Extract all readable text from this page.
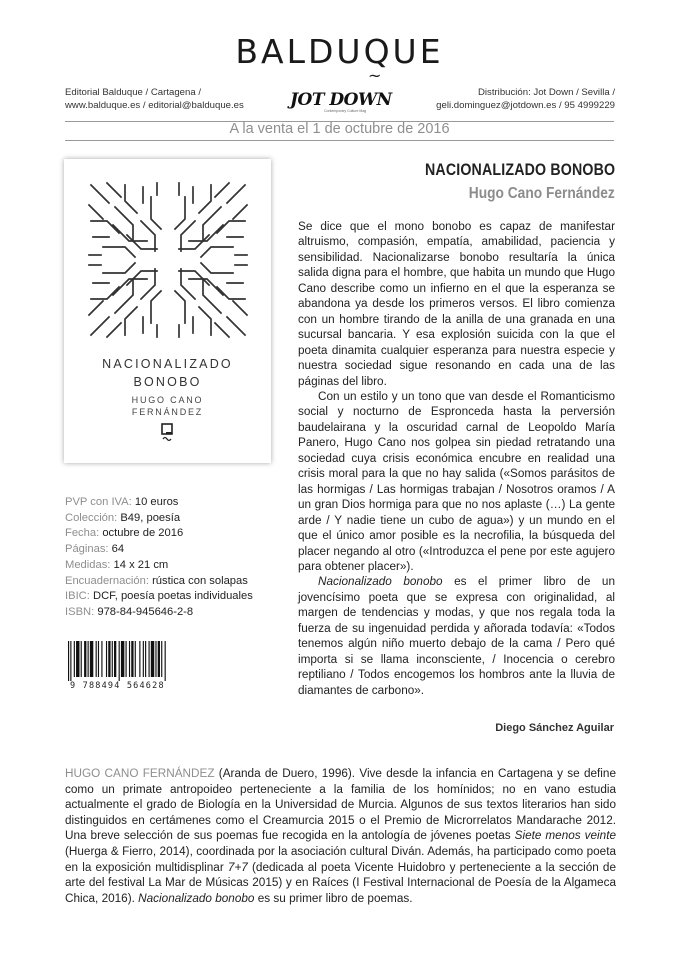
BALDUQUE
~
Editorial Balduque / Cartagena /
www.balduque.es / editorial@balduque.es	JOT DOWN
Contemporary Culture Mag
Distribución: Jot Down / Sevilla /
geli.dominguez@jotdown.es / 95 4999229
A la venta el 1 de octubre de 2016
NACIONALIZADO
BONOBO
HUGO CANO
FERNÁNDEZ
NACIONALIZADO BONOBO
Hugo Cano Fernández

Se dice que el mono bonobo es capaz de manifestar altruismo, compasión, empatía, amabilidad, paciencia y sensibilidad. Nacionalizarse bonobo resultaría la única salida digna para el hombre, que habita un mundo que Hugo Cano describe como un infierno en el que la esperanza se abandona ya desde los primeros versos. El libro comienza con un hombre tirando de la anilla de una granada en una sucursal bancaria. Y esa explosión suicida con la que el poeta dinamita cualquier esperanza para nuestra especie y nuestra sociedad sigue resonando en cada una de las páginas del libro.

Con un estilo y un tono que van desde el Romanticismo social y nocturno de Espronceda hasta la perversión baudelairana y la oscuridad carnal de Leopoldo María Panero, Hugo Cano nos golpea sin piedad retratando una sociedad cuya crisis económica encubre en realidad una crisis moral para la que no hay salida («Somos parásitos de las hormigas / Las hormigas trabajan / Nosotros oramos / A un gran Dios hormiga para que no nos aplaste (…) La gente arde / Y nadie tiene un cubo de agua») y un mundo en el que el único amor posible es la necrofilia, la búsqueda del placer negando al otro («Introduzca el pene por este agujero para obtener placer»).

Nacionalizado bonobo es el primer libro de un jovencísimo poeta que se expresa con originalidad, al margen de tendencias y modas, y que nos regala toda la fuerza de su ingenuidad perdida y añorada todavía: «Todos tenemos algún niño muerto debajo de la cama / Pero qué importa si se llama inconsciente, / Inocencia o cerebro reptiliano / Todos encogemos los hombros ante la lluvia de diamantes de carbono».

Diego Sánchez Aguilar
PVP con IVA: 10 euros
Colección: B49, poesía
Fecha: octubre de 2016
Páginas: 64
Medidas: 14 x 21 cm
Encuadernación: rústica con solapas
IBIC: DCF, poesía poetas individuales
ISBN: 978-84-945646-2-8
9 788494 564628
HUGO CANO FERNÁNDEZ (Aranda de Duero, 1996). Vive desde la infancia en Cartagena y se define como un primate antropoideo perteneciente a la familia de los homínidos; no en vano estudia actualmente el grado de Biología en la Universidad de Murcia. Algunos de sus textos literarios han sido distinguidos en certámenes como el Creamurcia 2015 o el Premio de Microrrelatos Mandarache 2012. Una breve selección de sus poemas fue recogida en la antología de jóvenes poetas Siete menos veinte (Huerga & Fierro, 2014), coordinada por la asociación cultural Diván. Además, ha participado como poeta en la exposición multidisplinar 7+7 (dedicada al poeta Vicente Huidobro y perteneciente a la sección de arte del festival La Mar de Músicas 2015) y en Raíces (I Festival Internacional de Poesía de la Algameca Chica, 2016). Nacionalizado bonobo es su primer libro de poemas.
